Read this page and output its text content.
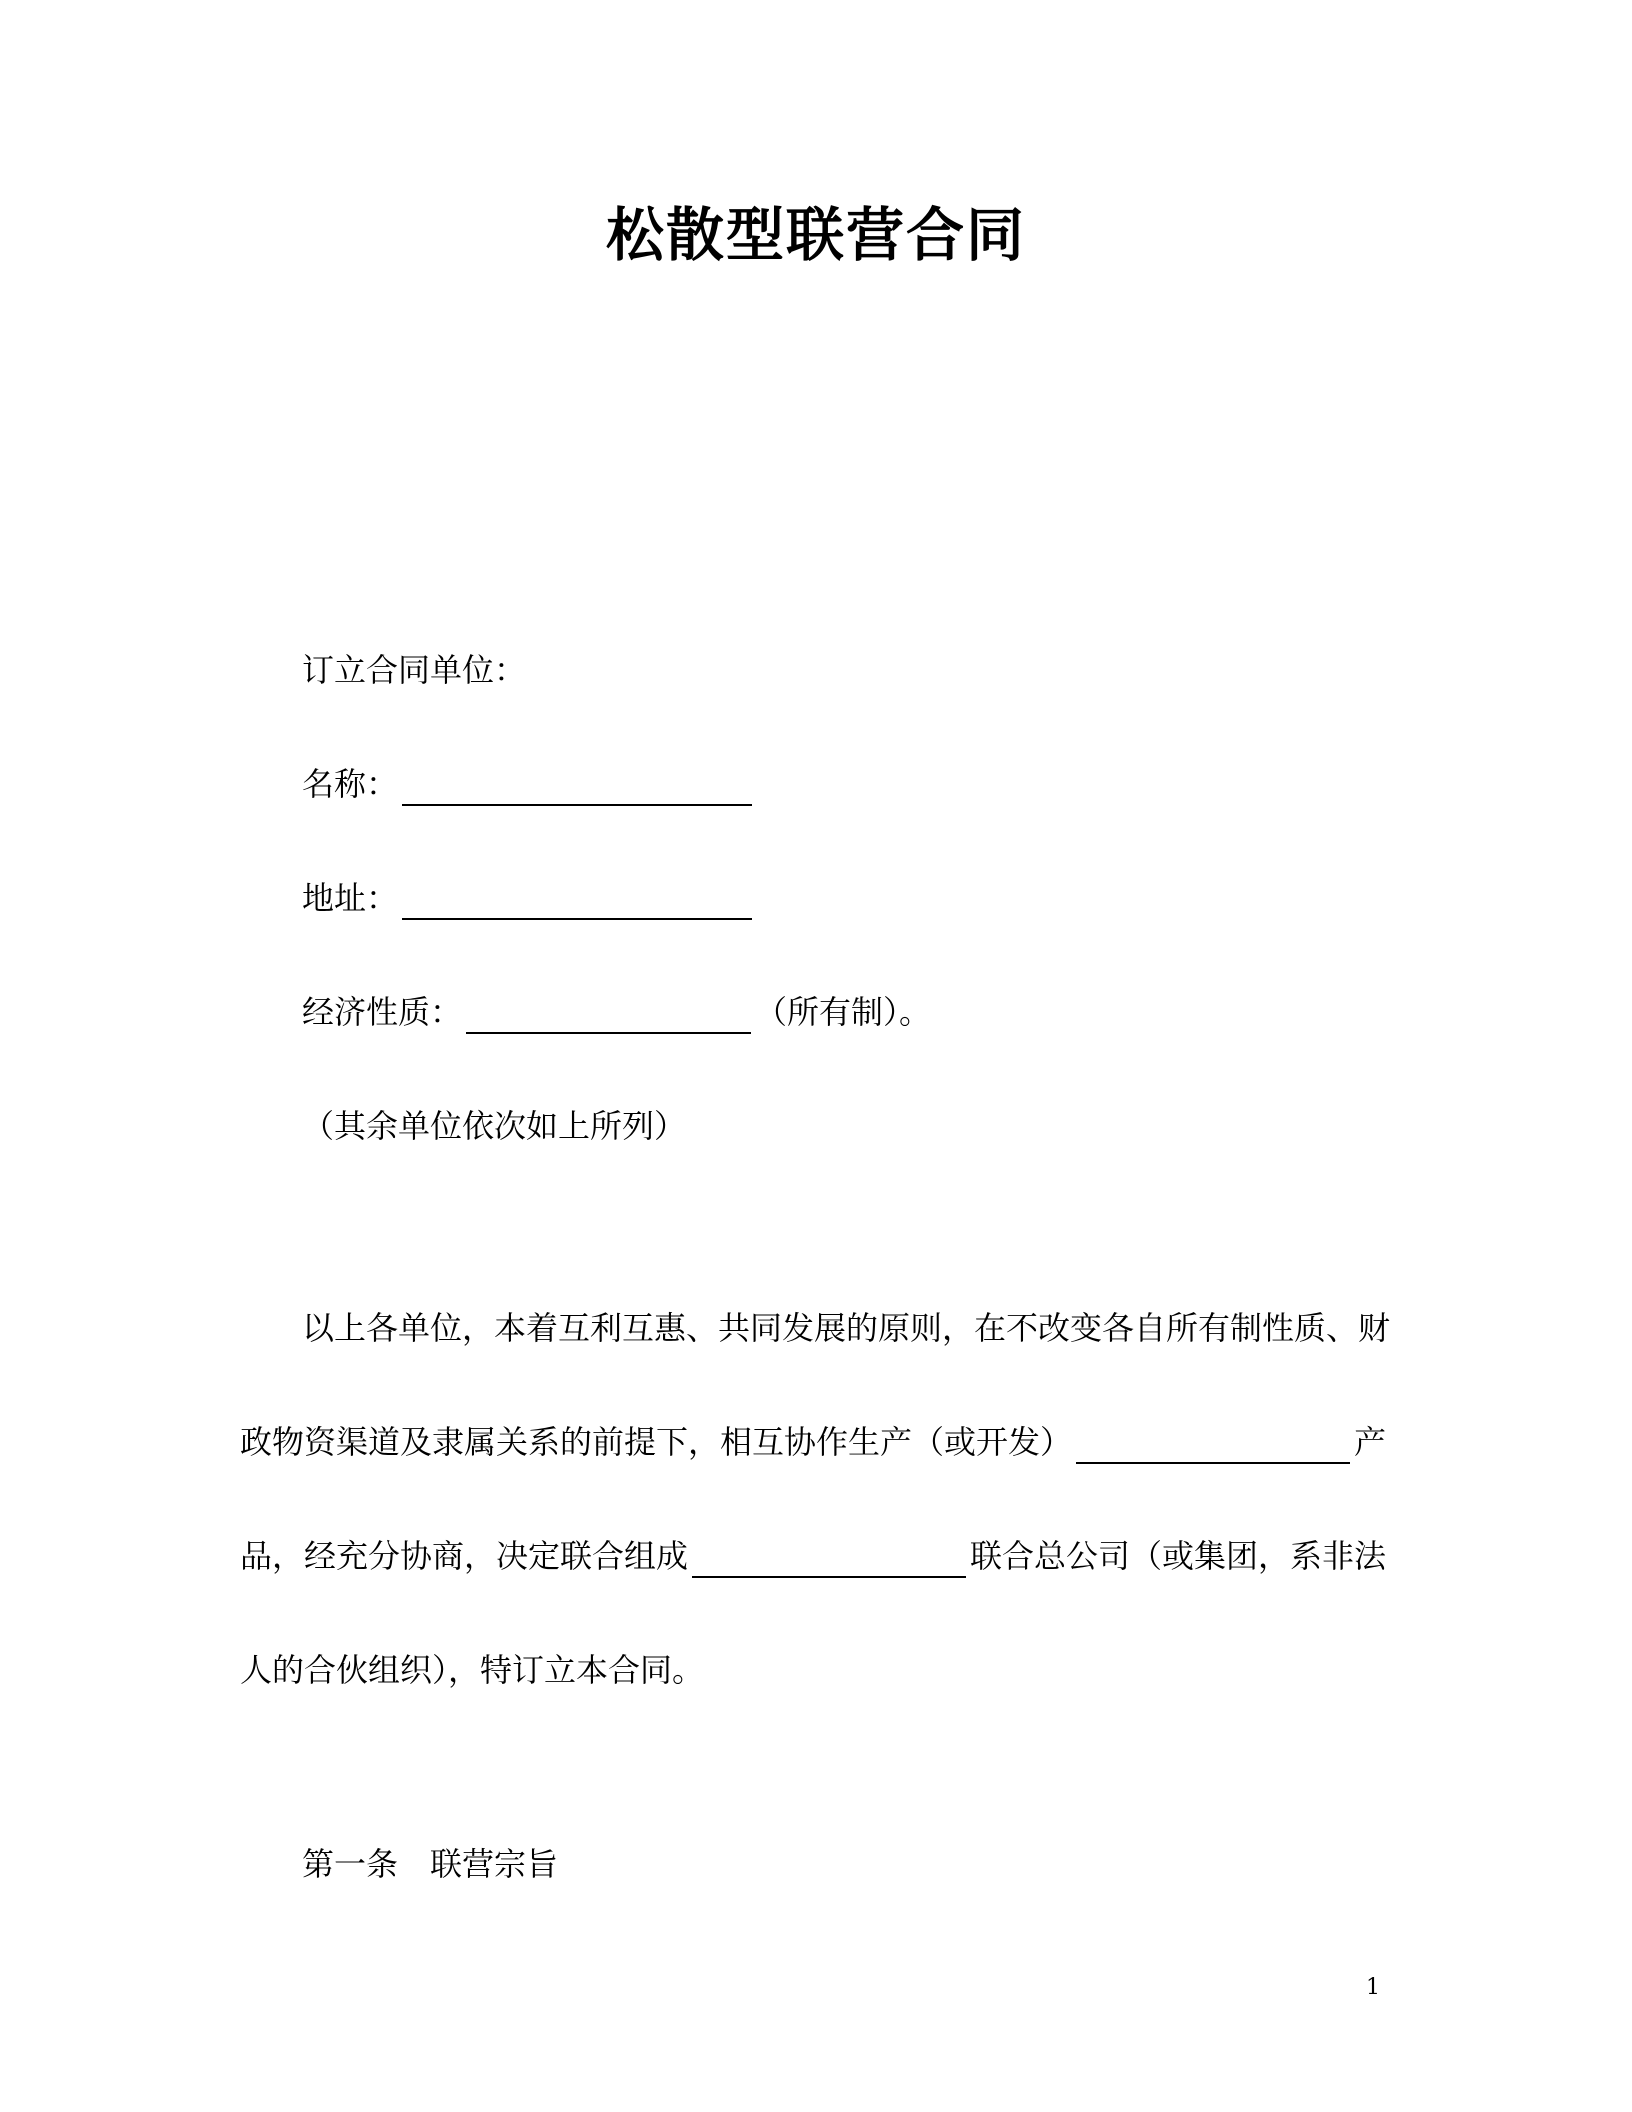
松散型联营合同
订立合同单位：
名称：
地址：
经济性质：	（所有制）。
（其余单位依次如上所列）
以上各单位，本着互利互惠、共同发展的原则，在不改变各自所有制性质、财
政物资渠道及隶属关系的前提下，相互协作生产（或开发）	产
品，经充分协商，决定联合组成	联合总公司（或集团，系非法
人的合伙组织），特订立本合同。
第一条　联营宗旨
1
